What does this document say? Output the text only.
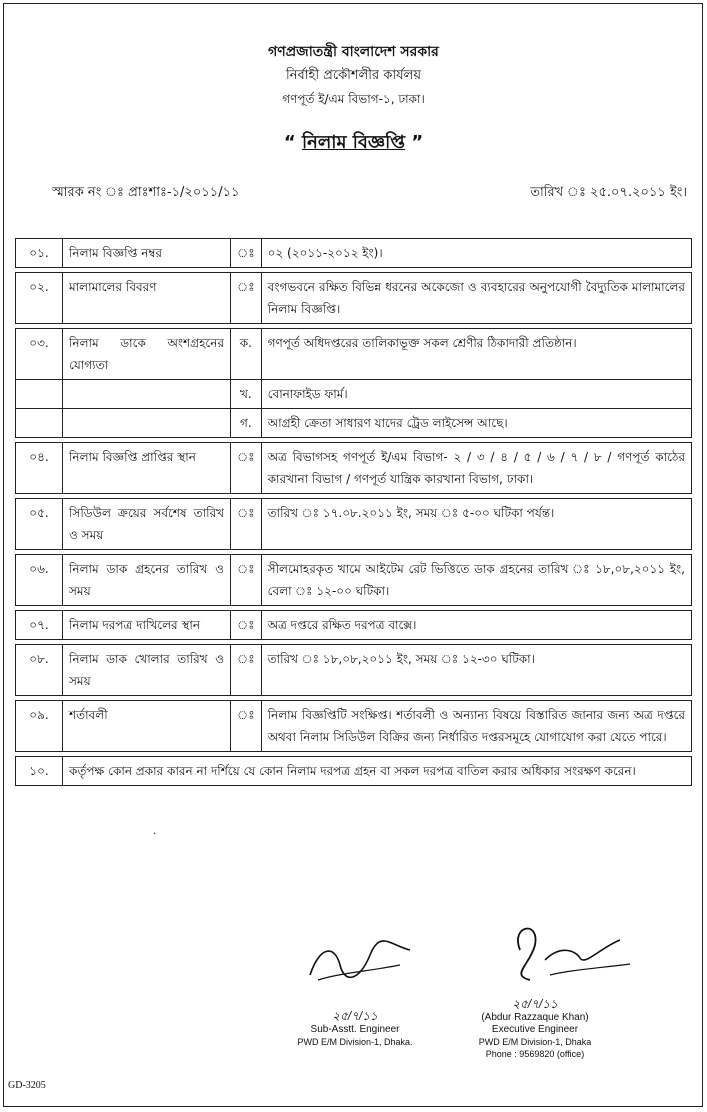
গণপ্রজাতন্ত্রী বাংলাদেশ সরকার
নির্বাহী প্রকৌশলীর কার্যলয়
গণপূর্ত ই/এম বিভাগ-১, ঢাকা।
“ নিলাম বিজ্ঞপ্তি ”
স্মারক নং ঃ প্রাঃশাঃ-১/২০১১/১১	তারিখ ঃ ২৫.০৭.২০১১ ইং।
০১.	নিলাম বিজ্ঞপ্তি নম্বর	ঃ	০২ (২০১১-২০১২ ইং)।

০২.	মালামালের বিবরণ	ঃ	বংগভবনে রক্ষিত বিভিন্ন ধরনের অকেজো ও ব্যবহারের অনুপযোগী বৈদ্যুতিক মালামালের নিলাম বিজ্ঞপ্তি।

০৩.	নিলাম ডাকে অংশগ্রহনের যোগ্যতা	ক.	গণপূর্ত অধিদপ্তরের তালিকাভূক্ত সকল শ্রেণীর ঠিকাদারী প্রতিষ্ঠান।
		খ.	বোনাফাইড ফার্ম।
		গ.	আগ্রহী ক্রেতা সাধারণ যাদের ট্রেড লাইসেন্স আছে।

০৪.	নিলাম বিজ্ঞপ্তি প্রাপ্তির স্থান	ঃ	অত্র বিভাগসহ গণপূর্ত ই/এম বিভাগ- ২ / ৩ / ৪ / ৫ / ৬ / ৭ / ৮ / গণপূর্ত কাঠের কারখানা বিভাগ / গণপূর্ত যান্ত্রিক কারখানা বিভাগ, ঢাকা।

০৫.	সিডিউল ক্রয়ের সর্বশেষ তারিখ ও সময়	ঃ	তারিখ ঃ ১৭.০৮.২০১১ ইং, সময় ঃ ৫-০০ ঘটিকা পর্যন্ত।

০৬.	নিলাম ডাক গ্রহনের তারিখ ও সময়	ঃ	সীলমোহরকৃত খামে আইটেম রেট ভিত্তিতে ডাক গ্রহনের তারিখ ঃ ১৮,০৮,২০১১ ইং, বেলা ঃ ১২-০০ ঘটিকা।

০৭.	নিলাম দরপত্র দাখিলের স্থান	ঃ	অত্র দপ্তরে রক্ষিত দরপত্র বাক্সে।

০৮.	নিলাম ডাক খোলার তারিখ ও সময়	ঃ	তারিখ ঃ ১৮,০৮,২০১১ ইং, সময় ঃ ১২-৩০ ঘটিকা।

০৯.	শর্তাবলী	ঃ	নিলাম বিজ্ঞপ্তিটি সংক্ষিপ্ত। শর্তাবলী ও অন্যান্য বিষয়ে বিস্তারিত জানার জন্য অত্র দপ্তরে অথবা নিলাম সিডিউল বিক্রির জন্য নির্ধারিত দপ্তরসমূহে যোগাযোগ করা যেতে পারে।

১০.	কর্তৃপক্ষ কোন প্রকার কারন না দর্শিয়ে যে কোন নিলাম দরপত্র গ্রহন বা সকল দরপত্র বাতিল করার অধিকার সংরক্ষণ করেন।		
.
২৫/৭/১১
Sub-Asstt. Engineer
PWD E/M Division-1, Dhaka.
২৫/৭/১১
(Abdur Razzaque Khan)
Executive Engineer
PWD E/M Division-1, Dhaka
Phone : 9569820 (office)
GD-3205
